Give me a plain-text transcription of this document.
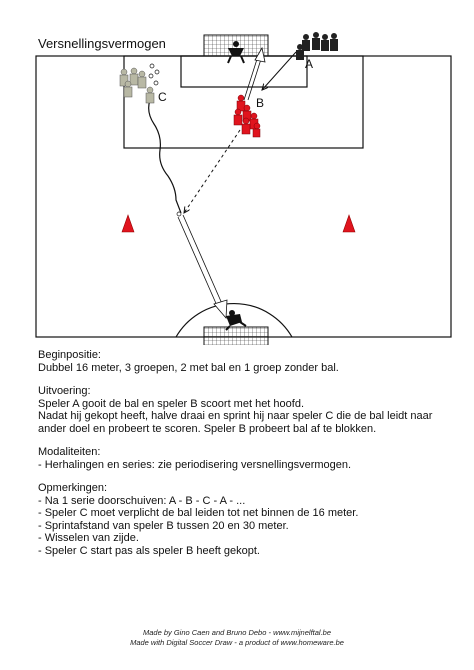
Versnellingsvermogen
A
B
C

Beginpositie:

Dubbel 16 meter, 3 groepen, 2 met bal en 1 groep zonder bal.

Uitvoering:

Speler A gooit de bal en speler B scoort met het hoofd.

Nadat hij gekopt heeft, halve draai en sprint hij naar speler C die de bal leidt naar

ander doel en probeert te scoren. Speler B probeert bal af te blokken.

Modaliteiten:

- Herhalingen en series: zie periodisering versnellingsvermogen.

Opmerkingen:

- Na 1 serie doorschuiven: A - B - C - A - ...

- Speler C moet verplicht de bal leiden tot net binnen de 16 meter.

- Sprintafstand van speler B tussen 20 en 30 meter.

- Wisselen van zijde.

- Speler C start pas als speler B heeft gekopt.

Made by Gino Caen and Bruno Debo - www.mijnelftal.be
Made with Digital Soccer Draw - a product of www.homeware.be
